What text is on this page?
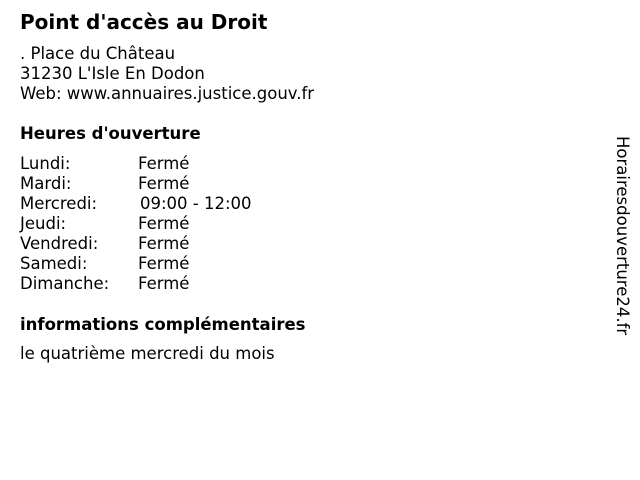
Point d'accès au Droit
. Place du Château
31230 L'Isle En Dodon
Web: www.annuaires.justice.gouv.fr
Heures d'ouverture
Lundi:	Fermé
Mardi:	Fermé
Mercredi:	09:00 - 12:00
Jeudi:	Fermé
Vendredi:	Fermé
Samedi:	Fermé
Dimanche:	Fermé
informations complémentaires
le quatrième mercredi du mois
Horairesdouverture24.fr
